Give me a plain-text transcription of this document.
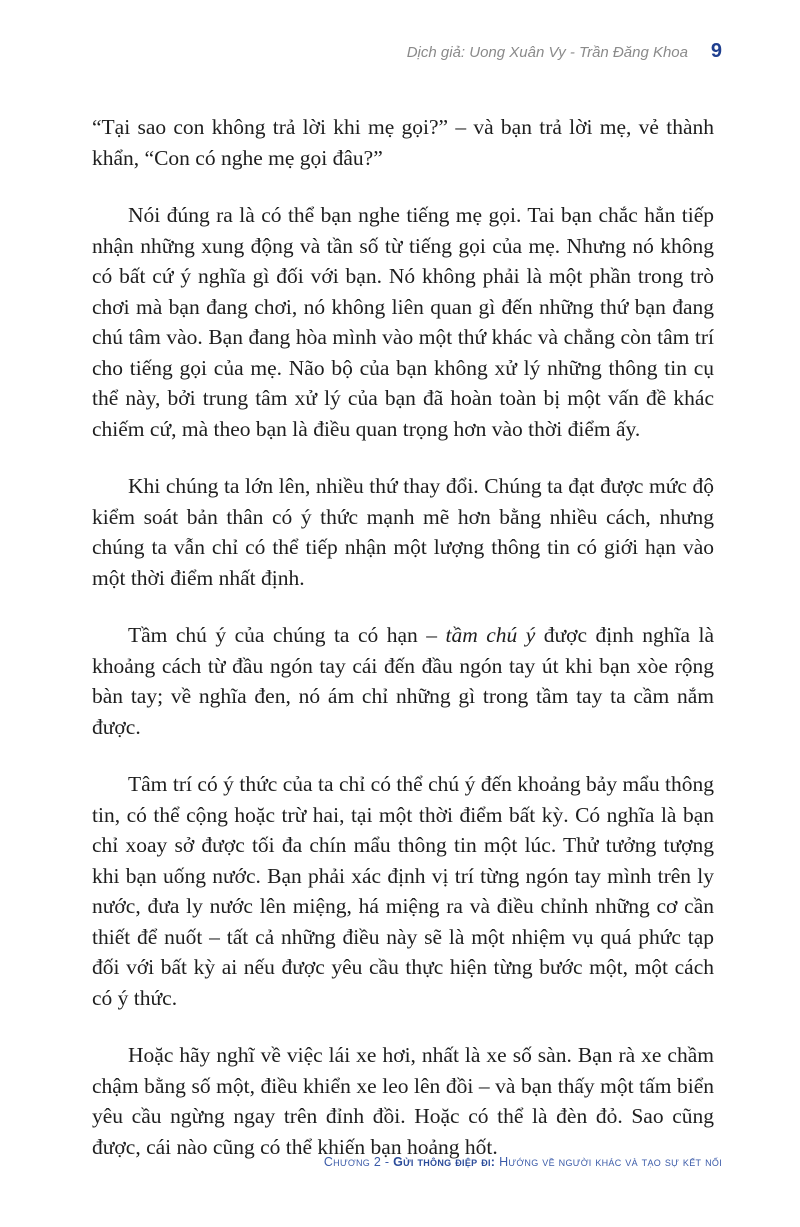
Dịch giả: Uong Xuân Vy - Trần Đăng Khoa	9

“Tại sao con không trả lời khi mẹ gọi?” – và bạn trả lời mẹ, vẻ thành khẩn, “Con có nghe mẹ gọi đâu?”

Nói đúng ra là có thể bạn nghe tiếng mẹ gọi. Tai bạn chắc hẳn tiếp nhận những xung động và tần số từ tiếng gọi của mẹ. Nhưng nó không có bất cứ ý nghĩa gì đối với bạn. Nó không phải là một phần trong trò chơi mà bạn đang chơi, nó không liên quan gì đến những thứ bạn đang chú tâm vào. Bạn đang hòa mình vào một thứ khác và chẳng còn tâm trí cho tiếng gọi của mẹ. Não bộ của bạn không xử lý những thông tin cụ thể này, bởi trung tâm xử lý của bạn đã hoàn toàn bị một vấn đề khác chiếm cứ, mà theo bạn là điều quan trọng hơn vào thời điểm ấy.

Khi chúng ta lớn lên, nhiều thứ thay đổi. Chúng ta đạt được mức độ kiểm soát bản thân có ý thức mạnh mẽ hơn bằng nhiều cách, nhưng chúng ta vẫn chỉ có thể tiếp nhận một lượng thông tin có giới hạn vào một thời điểm nhất định.

Tầm chú ý của chúng ta có hạn – tầm chú ý được định nghĩa là khoảng cách từ đầu ngón tay cái đến đầu ngón tay út khi bạn xòe rộng bàn tay; về nghĩa đen, nó ám chỉ những gì trong tầm tay ta cầm nắm được.

Tâm trí có ý thức của ta chỉ có thể chú ý đến khoảng bảy mẩu thông tin, có thể cộng hoặc trừ hai, tại một thời điểm bất kỳ. Có nghĩa là bạn chỉ xoay sở được tối đa chín mẩu thông tin một lúc. Thử tưởng tượng khi bạn uống nước. Bạn phải xác định vị trí từng ngón tay mình trên ly nước, đưa ly nước lên miệng, há miệng ra và điều chỉnh những cơ cần thiết để nuốt – tất cả những điều này sẽ là một nhiệm vụ quá phức tạp đối với bất kỳ ai nếu được yêu cầu thực hiện từng bước một, một cách có ý thức.

Hoặc hãy nghĩ về việc lái xe hơi, nhất là xe số sàn. Bạn rà xe chầm chậm bằng số một, điều khiển xe leo lên đồi – và bạn thấy một tấm biển yêu cầu ngừng ngay trên đỉnh đồi. Hoặc có thể là đèn đỏ. Sao cũng được, cái nào cũng có thể khiến bạn hoảng hốt.

Chương 2 - Gửi thông điệp đi: Hướng về người khác và tạo sự kết nối
